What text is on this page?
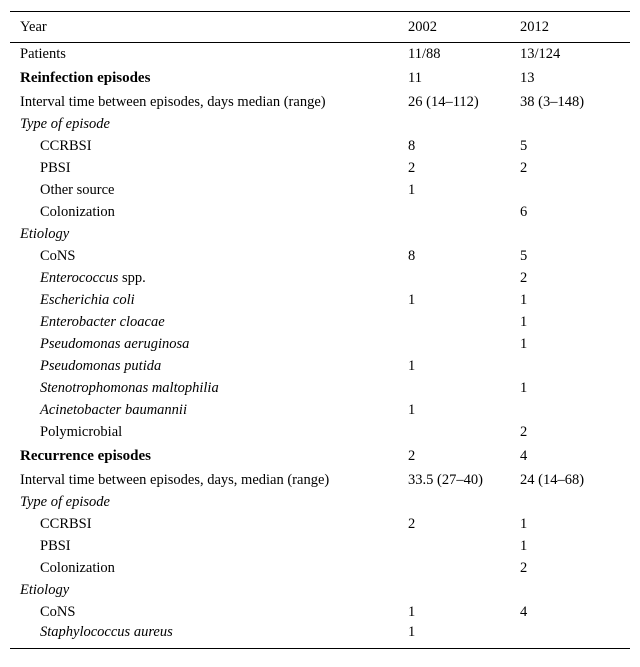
Year	2002	2012
Patients	11/88	13/124
Reinfection episodes	11	13
Interval time between episodes, days median (range)	26 (14–112)	38 (3–148)
Type of episode		
CCRBSI	8	5
PBSI	2	2
Other source	1	
Colonization		6
Etiology		
CoNS	8	5
Enterococcus spp.		2
Escherichia coli	1	1
Enterobacter cloacae		1
Pseudomonas aeruginosa		1
Pseudomonas putida	1	
Stenotrophomonas maltophilia		1
Acinetobacter baumannii	1	
Polymicrobial		2
Recurrence episodes	2	4
Interval time between episodes, days, median (range)	33.5 (27–40)	24 (14–68)
Type of episode		
CCRBSI	2	1
PBSI		1
Colonization		2
Etiology		
CoNS	1	4
Staphylococcus aureus	1	
